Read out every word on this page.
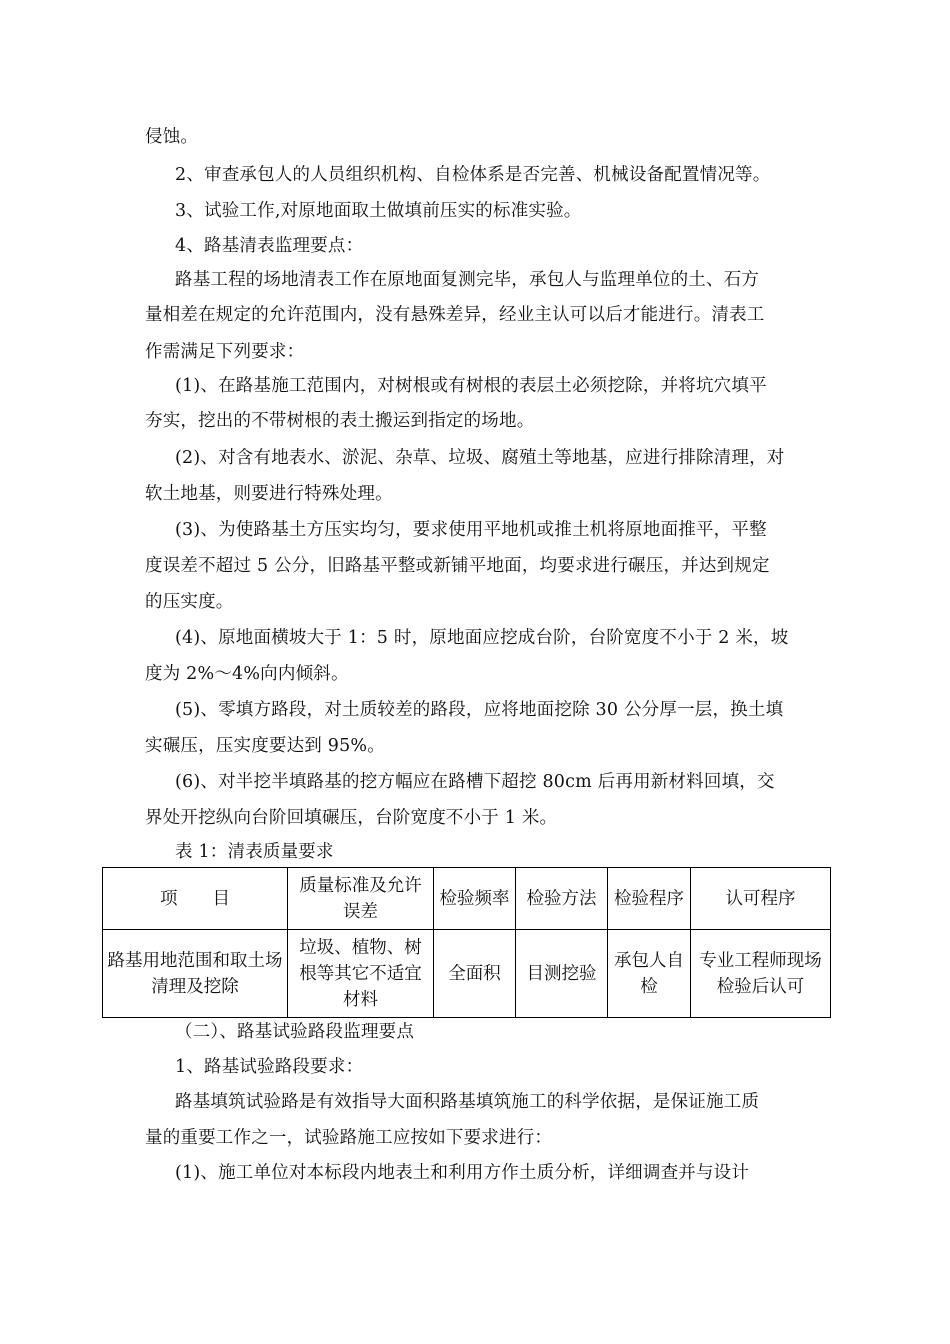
侵蚀。
2、审查承包人的人员组织机构、自检体系是否完善、机械设备配置情况等。
3、试验工作,对原地面取土做填前压实的标准实验。
4、路基清表监理要点：
路基工程的场地清表工作在原地面复测完毕，承包人与监理单位的土、石方
量相差在规定的允许范围内，没有悬殊差异，经业主认可以后才能进行。清表工
作需满足下列要求：
(1)、在路基施工范围内，对树根或有树根的表层土必须挖除，并将坑穴填平
夯实，挖出的不带树根的表土搬运到指定的场地。
(2)、对含有地表水、淤泥、杂草、垃圾、腐殖土等地基，应进行排除清理，对
软土地基，则要进行特殊处理。
(3)、为使路基土方压实均匀，要求使用平地机或推土机将原地面推平，平整
度误差不超过 5 公分，旧路基平整或新铺平地面，均要求进行碾压，并达到规定
的压实度。
(4)、原地面横坡大于 1：5 时，原地面应挖成台阶，台阶宽度不小于 2 米，坡
度为 2%～4%向内倾斜。
(5)、零填方路段，对土质较差的路段，应将地面挖除 30 公分厚一层，换土填
实碾压，压实度要达到 95%。
(6)、对半挖半填路基的挖方幅应在路槽下超挖 80cm 后再用新材料回填，交
界处开挖纵向台阶回填碾压，台阶宽度不小于 1 米。
表 1：清表质量要求
（二）、路基试验路段监理要点
1、路基试验路段要求：
路基填筑试验路是有效指导大面积路基填筑施工的科学依据，是保证施工质
量的重要工作之一，试验路施工应按如下要求进行：
(1)、施工单位对本标段内地表土和利用方作土质分析，详细调查并与设计
项　　目	质量标准及允许误差	检验频率	检验方法	检验程序	认可程序
路基用地范围和取土场清理及挖除	垃圾、植物、树根等其它不适宜材料	全面积	目测挖验	承包人自检	专业工程师现场检验后认可
